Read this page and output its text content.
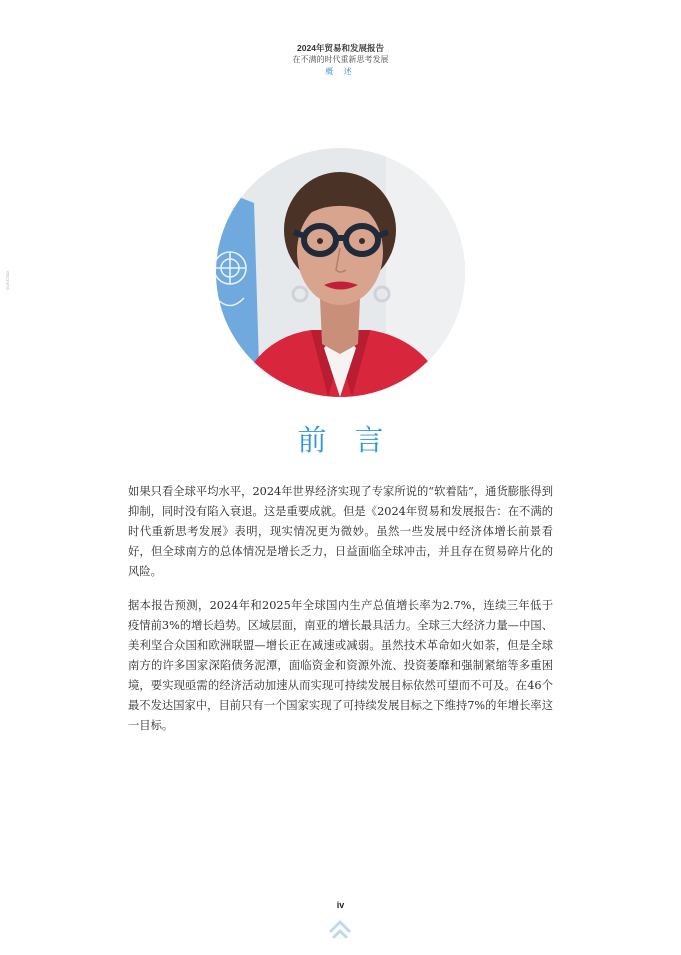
2024年贸易和发展报告
在不满的时代重新思考发展
概 述
©UNCTAD
前言

如果只看全球平均水平，2024年世界经济实现了专家所说的“软着陆”，通货膨胀得到抑制，同时没有陷入衰退。这是重要成就。但是《2024年贸易和发展报告：在不满的时代重新思考发展》表明，现实情况更为微妙。虽然一些发展中经济体增长前景看好，但全球南方的总体情况是增长乏力，日益面临全球冲击，并且存在贸易碎片化的风险。

据本报告预测，2024年和2025年全球国内生产总值增长率为2.7%，连续三年低于疫情前3%的增长趋势。区域层面，南亚的增长最具活力。全球三大经济力量—中国、美利坚合众国和欧洲联盟—增长正在减速或减弱。虽然技术革命如火如荼，但是全球南方的许多国家深陷债务泥潭，面临资金和资源外流、投资萎靡和强制紧缩等多重困境，要实现亟需的经济活动加速从而实现可持续发展目标依然可望而不可及。在46个最不发达国家中，目前只有一个国家实现了可持续发展目标之下维持7%的年增长率这一目标。

iv
